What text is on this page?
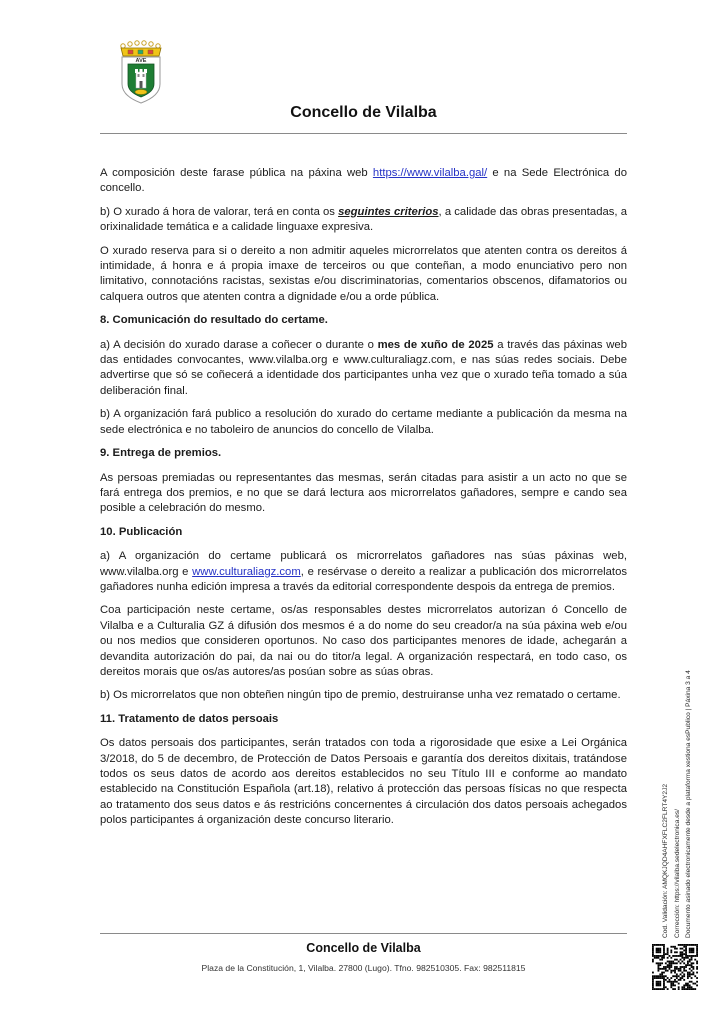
AVE
Concello de Vilalba

A composición deste farase pública na páxina web https://www.vilalba.gal/ e na Sede Electrónica do concello.

b) O xurado á hora de valorar, terá en conta os seguintes criterios, a calidade das obras presentadas, a orixinalidade temática e a calidade linguaxe expresiva.

O xurado reserva para si o dereito a non admitir aqueles microrrelatos que atenten contra os dereitos á intimidade, á honra e á propia imaxe de terceiros ou que conteñan, a modo enunciativo pero non limitativo, connotacións racistas, sexistas e/ou discriminatorias, comentarios obscenos, difamatorios ou calquera outros que atenten contra a dignidade e/ou a orde pública.

8. Comunicación do resultado do certame.

a) A decisión do xurado darase a coñecer o durante o mes de xuño de 2025 a través das páxinas web das entidades convocantes, www.vilalba.org e www.culturaliagz.com, e nas súas redes sociais. Debe advertirse que só se coñecerá a identidade dos participantes unha vez que o xurado teña tomado a súa deliberación final.

b) A organización fará publico a resolución do xurado do certame mediante a publicación da mesma na sede electrónica e no taboleiro de anuncios do concello de Vilalba.

9. Entrega de premios.

As persoas premiadas ou representantes das mesmas, serán citadas para asistir a un acto no que se fará entrega dos premios, e no que se dará lectura aos microrrelatos gañadores, sempre e cando sea posible a celebración do mesmo.

10. Publicación

a) A organización do certame publicará os microrrelatos gañadores nas súas páxinas web, www.vilalba.org e www.culturaliagz.com, e resérvase o dereito a realizar a publicación dos microrrelatos gañadores nunha edición impresa a través da editorial correspondente despois da entrega de premios.

Coa participación neste certame, os/as responsables destes microrrelatos autorizan ó Concello de Vilalba e a Culturalia GZ á difusión dos mesmos é a do nome do seu creador/a na súa páxina web e/ou ou nos medios que consideren oportunos. No caso dos participantes menores de idade, achegarán a devandita autorización do pai, da nai ou do titor/a legal. A organización respectará, en todo caso, os dereitos morais que os/as autores/as posúan sobre as súas obras.

b) Os microrrelatos que non obteñen ningún tipo de premio, destruiranse unha vez rematado o certame.

11. Tratamento de datos persoais

Os datos persoais dos participantes, serán tratados con toda a rigorosidade que esixe a Lei Orgánica 3/2018, do 5 de decembro, de Protección de Datos Persoais e garantía dos dereitos dixitais, tratándose todos os seus datos de acordo aos dereitos establecidos no seu Título III e conforme ao mandato establecido na Constitución Española (art.18), relativo á protección das persoas físicas no que respecta ao tratamento dos seus datos e ás restricións concernentes á circulación dos datos persoais achegados polos participantes á organización deste concurso literario.

Concello de Vilalba
Plaza de la Constitución, 1, Vilalba. 27800 (Lugo). Tfno. 982510305. Fax: 982511815
Cod. Validación: AMQKJQD4AHFXFLC2FLRT4Y2J2 Corrección: https://vilalba.sedelectronica.es/ Documento asinado electronicamente desde a plataforma xestiona esPublico | Páxina 3 a 4
